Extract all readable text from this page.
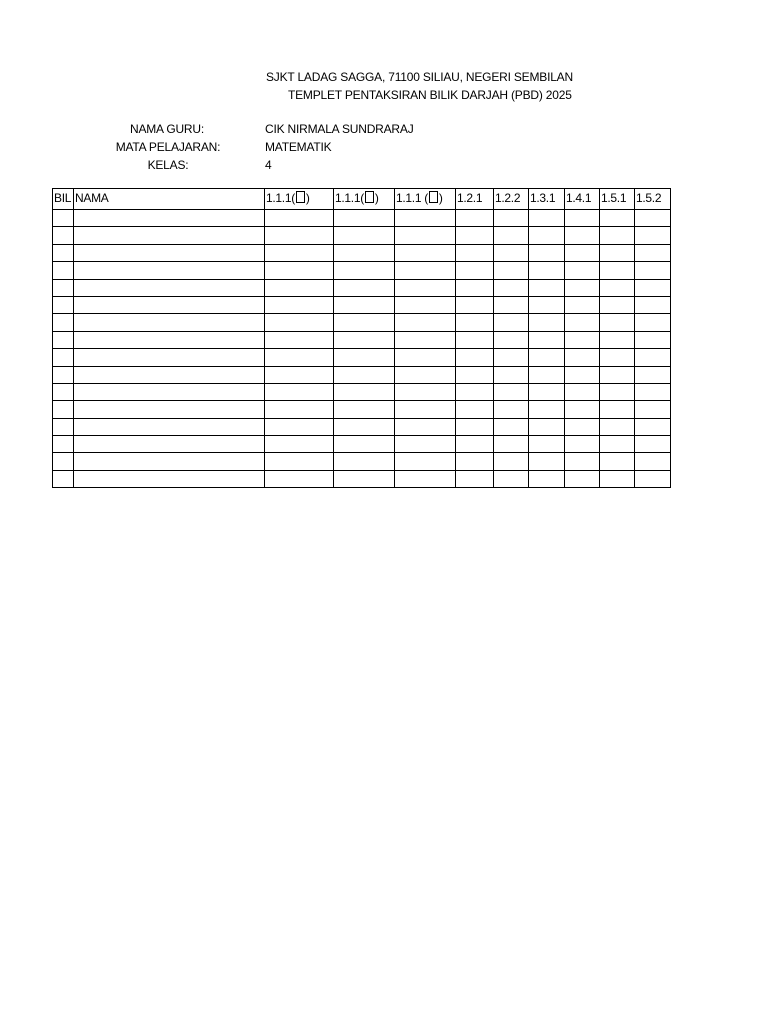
SJKT LADAG SAGGA, 71100 SILIAU, NEGERI SEMBILAN
TEMPLET PENTAKSIRAN BILIK DARJAH (PBD) 2025
NAMA GURU:	CIK NIRMALA SUNDRARAJ
MATA PELAJARAN:	MATEMATIK
KELAS:	4
BIL	NAMA	1.1.1( )	1.1.1( )	1.1.1 ( )	1.2.1	1.2.2	1.3.1	1.4.1	1.5.1	1.5.2
